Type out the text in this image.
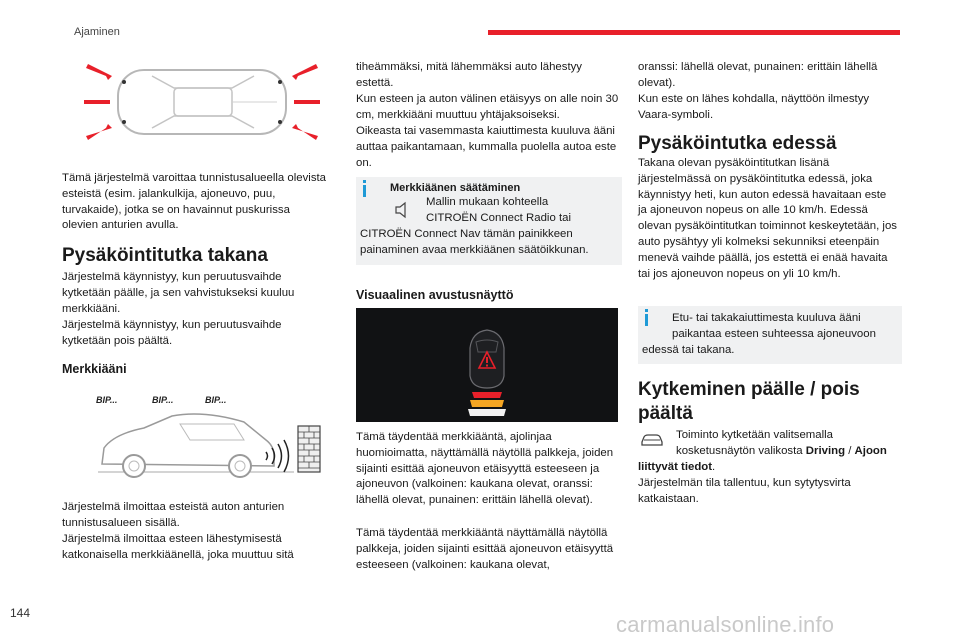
Ajaminen

Tämä järjestelmä varoittaa tunnistusalueella olevista esteistä (esim. jalankulkija, ajoneuvo, puu, turvakaide), jotka se on havainnut puskurissa olevien anturien avulla.

Pysäköintitutka takana

Järjestelmä käynnistyy, kun peruutusvaihde kytketään päälle, ja sen vahvistukseksi kuuluu merkkiääni.

Järjestelmä käynnistyy, kun peruutusvaihde kytketään pois päältä.

Merkkiääni

Järjestelmä ilmoittaa esteistä auton anturien tunnistusalueen sisällä.

Järjestelmä ilmoittaa esteen lähestymisestä katkonaisella merkkiäänellä, joka muuttuu sitä

BIP...	BIP...	BIP...

tiheämmäksi, mitä lähemmäksi auto lähestyy estettä.

Kun esteen ja auton välinen etäisyys on alle noin 30 cm, merkkiääni muuttuu yhtäjaksoiseksi.

Oikeasta tai vasemmasta kaiuttimesta kuuluva ääni auttaa paikantamaan, kummalla puolella autoa este on.

Merkkiäänen säätäminen

Mallin mukaan kohteella

CITROËN Connect Radio tai

CITROËN Connect Nav tämän painikkeen painaminen avaa merkkiäänen säätöikkunan.

Visuaalinen avustusnäyttö

Tämä täydentää merkkiääntä, ajolinjaa huomioimatta, näyttämällä näytöllä palkkeja, joiden sijainti esittää ajoneuvon etäisyyttä esteeseen ja ajoneuvon (valkoinen: kaukana olevat, oranssi: lähellä olevat, punainen: erittäin lähellä olevat).

Tämä täydentää merkkiääntä näyttämällä näytöllä palkkeja, joiden sijainti esittää ajoneuvon etäisyyttä esteeseen (valkoinen: kaukana olevat,

oranssi: lähellä olevat, punainen: erittäin lähellä olevat).

Kun este on lähes kohdalla, näyttöön ilmestyy Vaara-symboli.

Pysäköintutka edessä

Takana olevan pysäköintitutkan lisänä järjestelmässä on pysäköintitutka edessä, joka käynnistyy heti, kun auton edessä havaitaan este ja ajoneuvon nopeus on alle 10 km/h. Edessä olevan pysäköintitutkan toiminnot keskeytetään, jos auto pysähtyy yli kolmeksi sekunniksi eteenpäin menevä vaihde päällä, jos estettä ei enää havaita tai jos ajoneuvon nopeus on yli 10 km/h.

Etu- tai takakaiuttimesta kuuluva ääni

paikantaa esteen suhteessa ajoneuvoon

edessä tai takana.

Kytkeminen päälle / pois
päältä

Toiminto kytketään valitsemalla

kosketusnäytön valikosta Driving / Ajoon

liittyvät tiedot.

Järjestelmän tila tallentuu, kun sytytysvirta katkaistaan.

144	carmanualsonline.info
